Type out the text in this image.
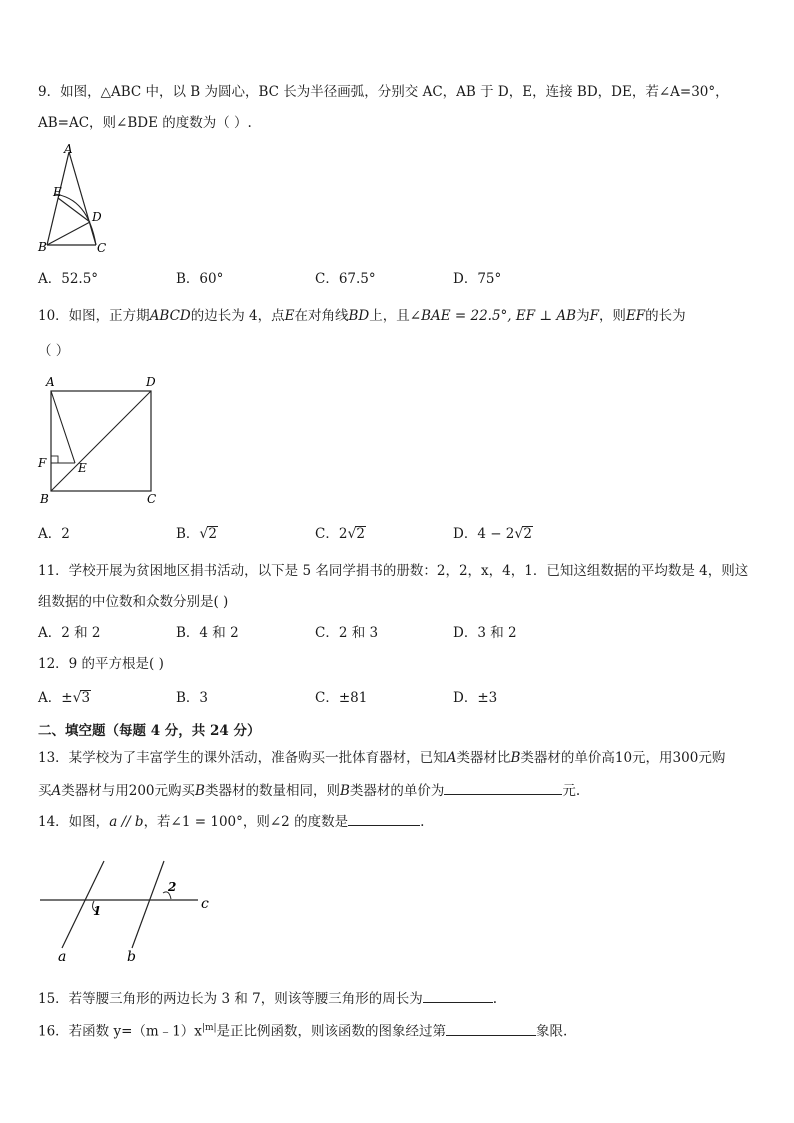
9．如图，△ABC 中，以 B 为圆心，BC 长为半径画弧，分别交 AC，AB 于 D，E，连接 BD，DE，若∠A=30°，
AB=AC，则∠BDE 的度数为（ ）.
A
E
D
B	C
A．52.5°	B．60°	C．67.5°	D．75°
10．如图，正方期ABCD的边长为 4，点E在对角线BD上，且∠BAE = 22.5°, EF ⊥ AB为F，则EF的长为
（ ）
A	D
F	E
B	C
A．2	B．√2	C．2√2	D．4 − 2√2
11．学校开展为贫困地区捐书活动，以下是 5 名同学捐书的册数：2，2，x，4，1．已知这组数据的平均数是 4，则这
组数据的中位数和众数分别是( )
A．2 和 2	B．4 和 2	C．2 和 3	D．3 和 2
12．9 的平方根是( )
A．±√3	B．3	C．±81	D．±3
二、填空题（每题 4 分，共 24 分）
13．某学校为了丰富学生的课外活动，准备购买一批体育器材，已知A类器材比B类器材的单价高10元，用300元购
买A类器材与用200元购买B类器材的数量相同，则B类器材的单价为	元.
14．如图，a // b，若∠1 = 100°，则∠2 的度数是	.
1
2
c
a	b
15．若等腰三角形的两边长为 3 和 7，则该等腰三角形的周长为	.
16．若函数 $y=(m﹣1)x^{|m|}$是正比例函数，则该函数的图象经过第	象限.
